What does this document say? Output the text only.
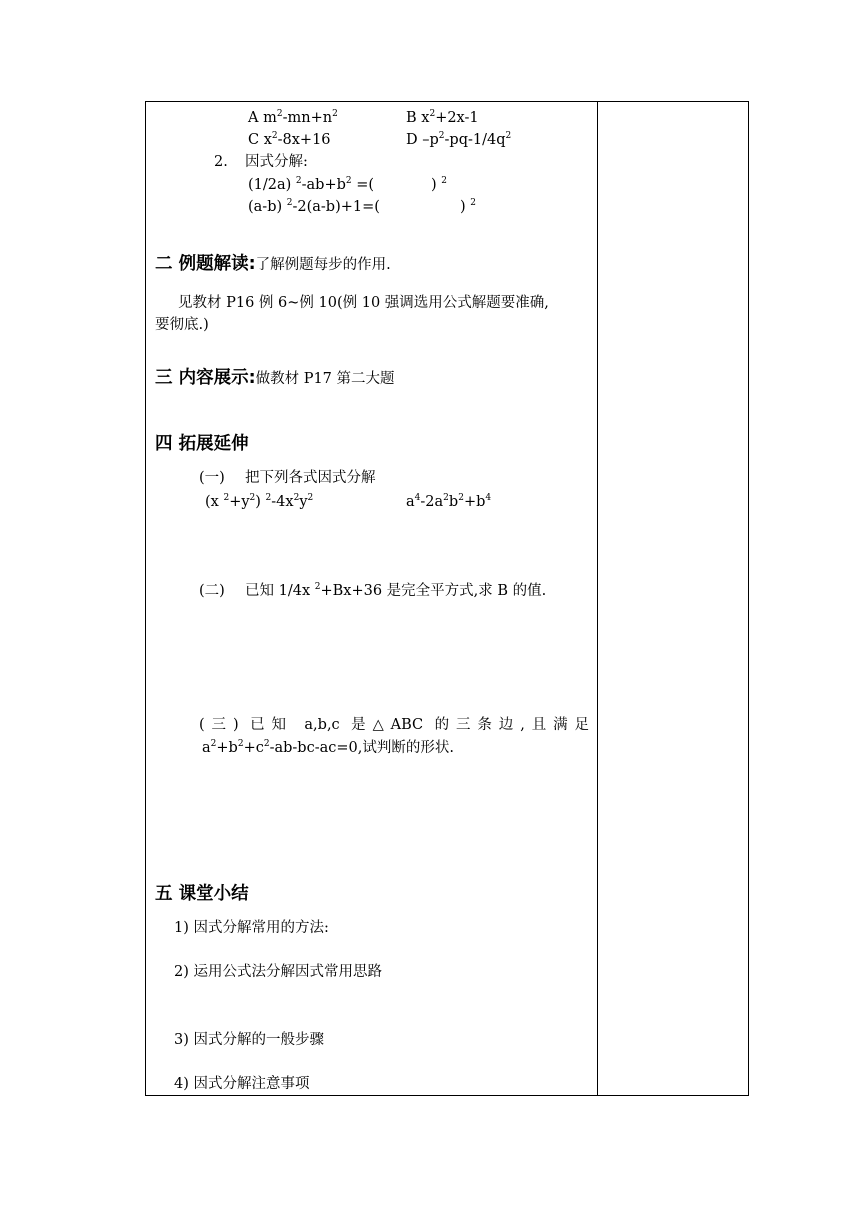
A $m^2-mn+n^2$	B $x^2+2x-1$
C $x^2-8x+16$	D $-p^2-pq-1/4q^2$
2. 因式分解:
(1/2a) $^2-ab+b^2$ =(	) $^2$
(a-b) $^2$-2(a-b)+1=(	) $^2$
二 例题解读:了解例题每步的作用.
见教材 P16 例 6~例 10(例 10 强调选用公式解题要准确,
要彻底.)
三 内容展示:做教材 P17 第二大题
四 拓展延伸
(一) 把下列各式因式分解
(x $^2+y^2$) $^2-4x^2y^2$	$a^4-2a^2b^2+b^4$
(二) 已知 1/4x $^2$+Bx+36 是完全平方式,求 B 的值.
(三) 已知 a,b,c 是△ABC 的三条边,且满足
$a^2+b^2+c^2-ab-bc-ac=0$,试判断的形状.
五 课堂小结
1) 因式分解常用的方法:
2) 运用公式法分解因式常用思路
3) 因式分解的一般步骤
4) 因式分解注意事项
